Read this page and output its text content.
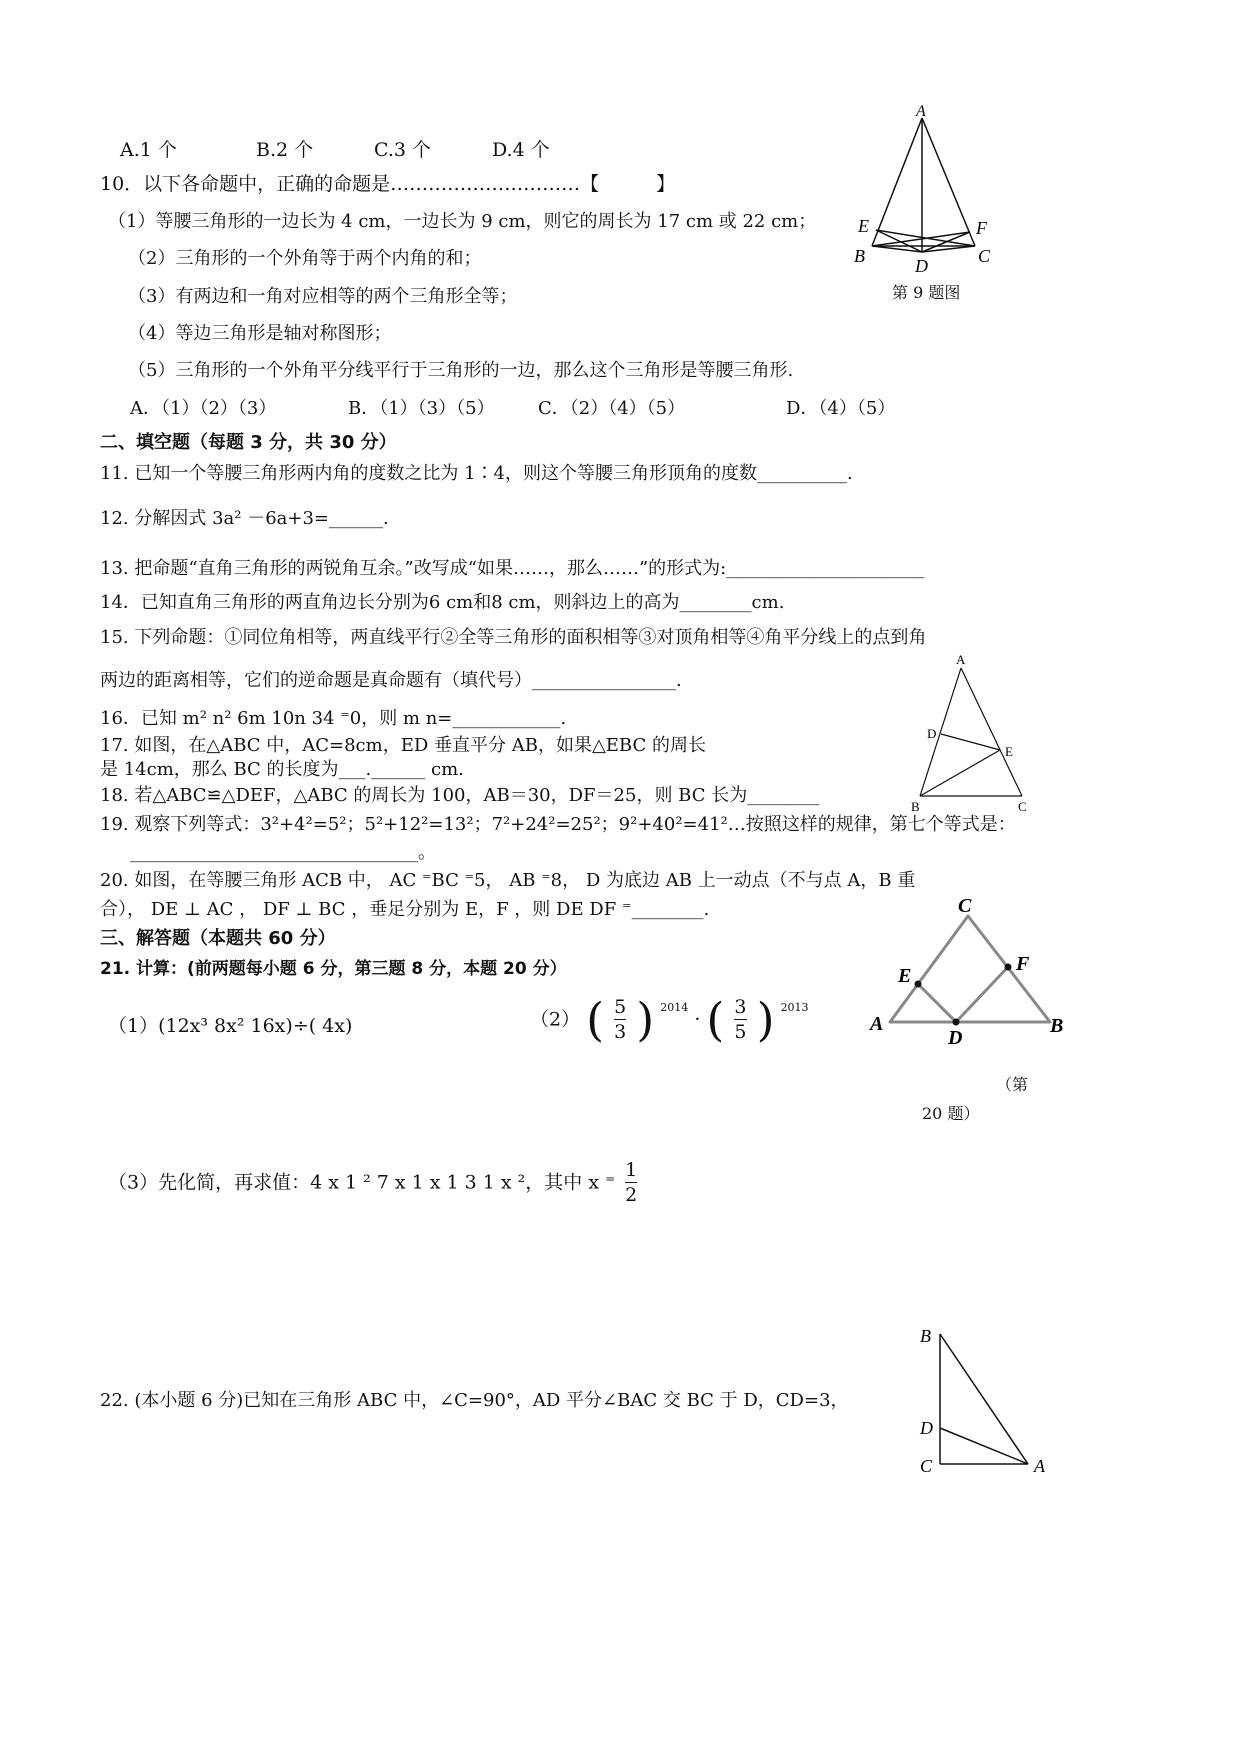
A.1 个	B.2 个	C.3 个	D.4 个
A
E	F
B	C
D
第 9 题图
10．以下各命题中，正确的命题是…………………………【　　　】
（1）等腰三角形的一边长为 4 cm，一边长为 9 cm，则它的周长为 17 cm 或 22 cm；
（2）三角形的一个外角等于两个内角的和；
（3）有两边和一角对应相等的两个三角形全等；
（4）等边三角形是轴对称图形；
（5）三角形的一个外角平分线平行于三角形的一边，那么这个三角形是等腰三角形.
A．（1）（2）（3）	B．（1）（3）（5） C．（2）（4）（5）	D．（4）（5）
二、填空题（每题 3 分，共 30 分）
11. 已知一个等腰三角形两内角的度数之比为 1∶4，则这个等腰三角形顶角的度数__________.
12. 分解因式 3a² －6a+3=______.
13. 把命题“直角三角形的两锐角互余。”改写成“如果……，那么……”的形式为:______________________
14．已知直角三角形的两直角边长分别为6 cm和8 cm，则斜边上的高为________cm.
15. 下列命题：①同位角相等，两直线平行②全等三角形的面积相等③对顶角相等④角平分线上的点到角
两边的距离相等，它们的逆命题是真命题有（填代号）________________.
16．已知 m² n² 6m 10n 34 ⁼0，则 m n=____________.
17. 如图，在△ABC 中，AC=8cm，ED 垂直平分 AB，如果△EBC 的周长
是 14cm，那么 BC 的长度为___.______ cm.
18. 若△ABC≌△DEF，△ABC 的周长为 100，AB＝30，DF＝25，则 BC 长为________
19. 观察下列等式：3²+4²=5²；5²+12²=13²；7²+24²=25²；9²+40²=41²…按照这样的规律，第七个等式是：
________________________________。
20. 如图，在等腰三角形 ACB 中， AC ⁼BC ⁼5， AB ⁼8， D 为底边 AB 上一动点（不与点 A，B 重
合）， DE ⊥ AC ， DF ⊥ BC ，垂足分别为 E，F ，则 DE DF ⁼________.
A
D
E
B	C
三、解答题（本题共 60 分）
21. 计算：(前两题每小题 6 分，第三题 8 分，本题 20 分）
（1）(12x³ 8x² 16x)÷( 4x)	（2） ( $\frac{5}{3}$ ) $^{2014}$ · ( $\frac{3}{5}$ ) $^{2013}$
C
E
F
A
D
B
（第
20 题）
（3）先化简，再求值：4 x 1 ² 7 x 1 x 1 3 1 x ²，其中 x ⁼ $\frac{1}{2}$
22. (本小题 6 分)已知在三角形 ABC 中，∠C=90°，AD 平分∠BAC 交 BC 于 D，CD=3，
B
D
C	A
